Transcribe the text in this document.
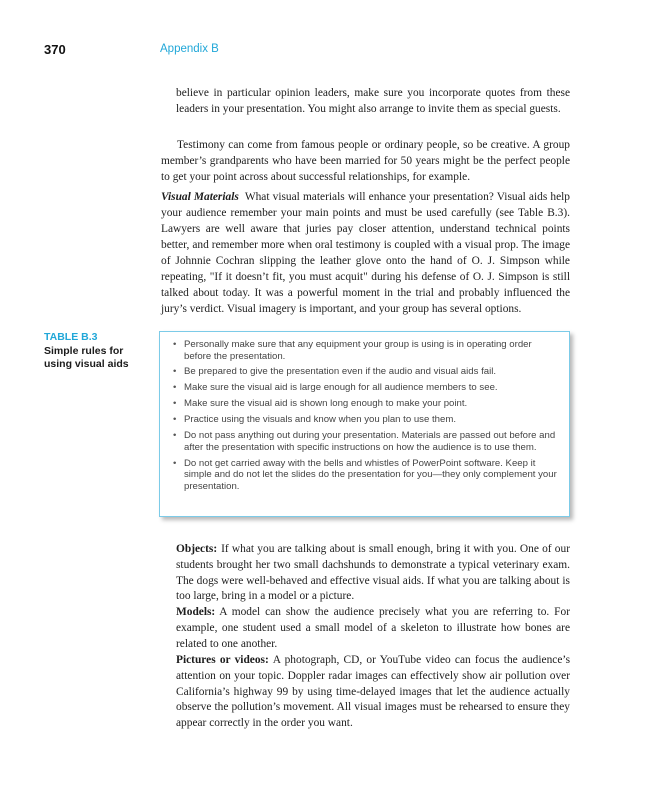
370	Appendix B

believe in particular opinion leaders, make sure you incorporate quotes from these leaders in your presentation. You might also arrange to invite them as special guests.

Testimony can come from famous people or ordinary people, so be creative. A group member’s grandparents who have been married for 50 years might be the perfect people to get your point across about successful relationships, for example.

Visual Materials What visual materials will enhance your presentation? Visual aids help your audience remember your main points and must be used carefully (see Table B.3). Lawyers are well aware that juries pay closer attention, understand technical points better, and remember more when oral testimony is coupled with a visual prop. The image of Johnnie Cochran slipping the leather glove onto the hand of O. J. Simpson while repeating, "If it doesn’t fit, you must acquit" during his defense of O. J. Simpson is still talked about today. It was a powerful moment in the trial and probably influenced the jury’s verdict. Visual imagery is important, and your group has several options.

TABLE B.3
Simple rules for using visual aids
• Personally make sure that any equipment your group is using is in operating order before the presentation.
• Be prepared to give the presentation even if the audio and visual aids fail.
• Make sure the visual aid is large enough for all audience members to see.
• Make sure the visual aid is shown long enough to make your point.
• Practice using the visuals and know when you plan to use them.
• Do not pass anything out during your presentation. Materials are passed out before and after the presentation with specific instructions on how the audience is to use them.
• Do not get carried away with the bells and whistles of PowerPoint software. Keep it simple and do not let the slides do the presentation for you—they only complement your presentation.

Objects: If what you are talking about is small enough, bring it with you. One of our students brought her two small dachshunds to demonstrate a typical veterinary exam. The dogs were well-behaved and effective visual aids. If what you are talking about is too large, bring in a model or a picture.

Models: A model can show the audience precisely what you are referring to. For example, one student used a small model of a skeleton to illustrate how bones are related to one another.

Pictures or videos: A photograph, CD, or YouTube video can focus the audience’s attention on your topic. Doppler radar images can effectively show air pollution over California’s highway 99 by using time-delayed images that let the audience actually observe the pollution’s movement. All visual images must be rehearsed to ensure they appear correctly in the order you want.
